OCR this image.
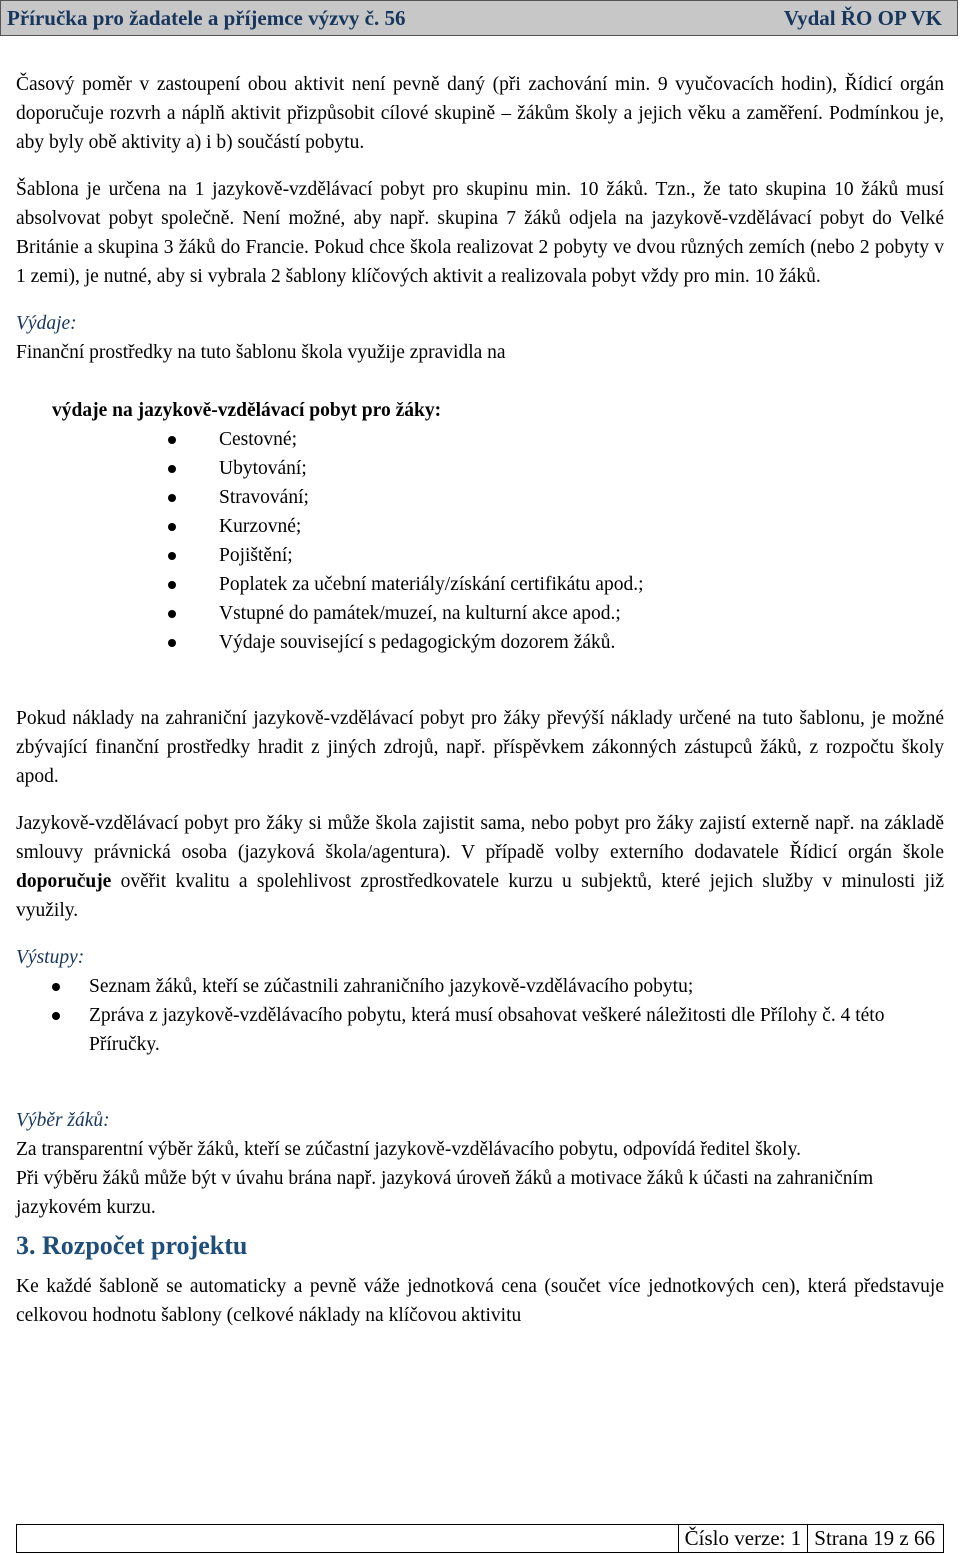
Příručka pro žadatele a příjemce výzvy č. 56	Vydal ŘO OP VK

Časový poměr v zastoupení obou aktivit není pevně daný (při zachování min. 9 vyučovacích hodin), Řídicí orgán doporučuje rozvrh a náplň aktivit přizpůsobit cílové skupině – žákům školy a jejich věku a zaměření. Podmínkou je, aby byly obě aktivity a) i b) součástí pobytu.

Šablona je určena na 1 jazykově-vzdělávací pobyt pro skupinu min. 10 žáků. Tzn., že tato skupina 10 žáků musí absolvovat pobyt společně. Není možné, aby např. skupina 7 žáků odjela na jazykově-vzdělávací pobyt do Velké Británie a skupina 3 žáků do Francie. Pokud chce škola realizovat 2 pobyty ve dvou různých zemích (nebo 2 pobyty v 1 zemi), je nutné, aby si vybrala 2 šablony klíčových aktivit a realizovala pobyt vždy pro min. 10 žáků.

Výdaje:

Finanční prostředky na tuto šablonu škola využije zpravidla na

výdaje na jazykově-vzdělávací pobyt pro žáky:

Cestovné;
Ubytování;
Stravování;
Kurzovné;
Pojištění;
Poplatek za učební materiály/získání certifikátu apod.;
Vstupné do památek/muzeí, na kulturní akce apod.;
Výdaje související s pedagogickým dozorem žáků.

Pokud náklady na zahraniční jazykově-vzdělávací pobyt pro žáky převýší náklady určené na tuto šablonu, je možné zbývající finanční prostředky hradit z jiných zdrojů, např. příspěvkem zákonných zástupců žáků, z rozpočtu školy apod.

Jazykově-vzdělávací pobyt pro žáky si může škola zajistit sama, nebo pobyt pro žáky zajistí externě např. na základě smlouvy právnická osoba (jazyková škola/agentura). V případě volby externího dodavatele Řídicí orgán škole doporučuje ověřit kvalitu a spolehlivost zprostředkovatele kurzu u subjektů, které jejich služby v minulosti již využily.

Výstupy:

Seznam žáků, kteří se zúčastnili zahraničního jazykově-vzdělávacího pobytu;
Zpráva z jazykově-vzdělávacího pobytu, která musí obsahovat veškeré náležitosti dle Přílohy č. 4 této Příručky.

Výběr žáků:

Za transparentní výběr žáků, kteří se zúčastní jazykově-vzdělávacího pobytu, odpovídá ředitel školy.

Při výběru žáků může být v úvahu brána např. jazyková úroveň žáků a motivace žáků k účasti na zahraničním jazykovém kurzu.

3. Rozpočet projektu

Ke každé šabloně se automaticky a pevně váže jednotková cena (součet více jednotkových cen), která představuje celkovou hodnotu šablony (celkové náklady na klíčovou aktivitu

Číslo verze: 1 Strana 19 z 66
